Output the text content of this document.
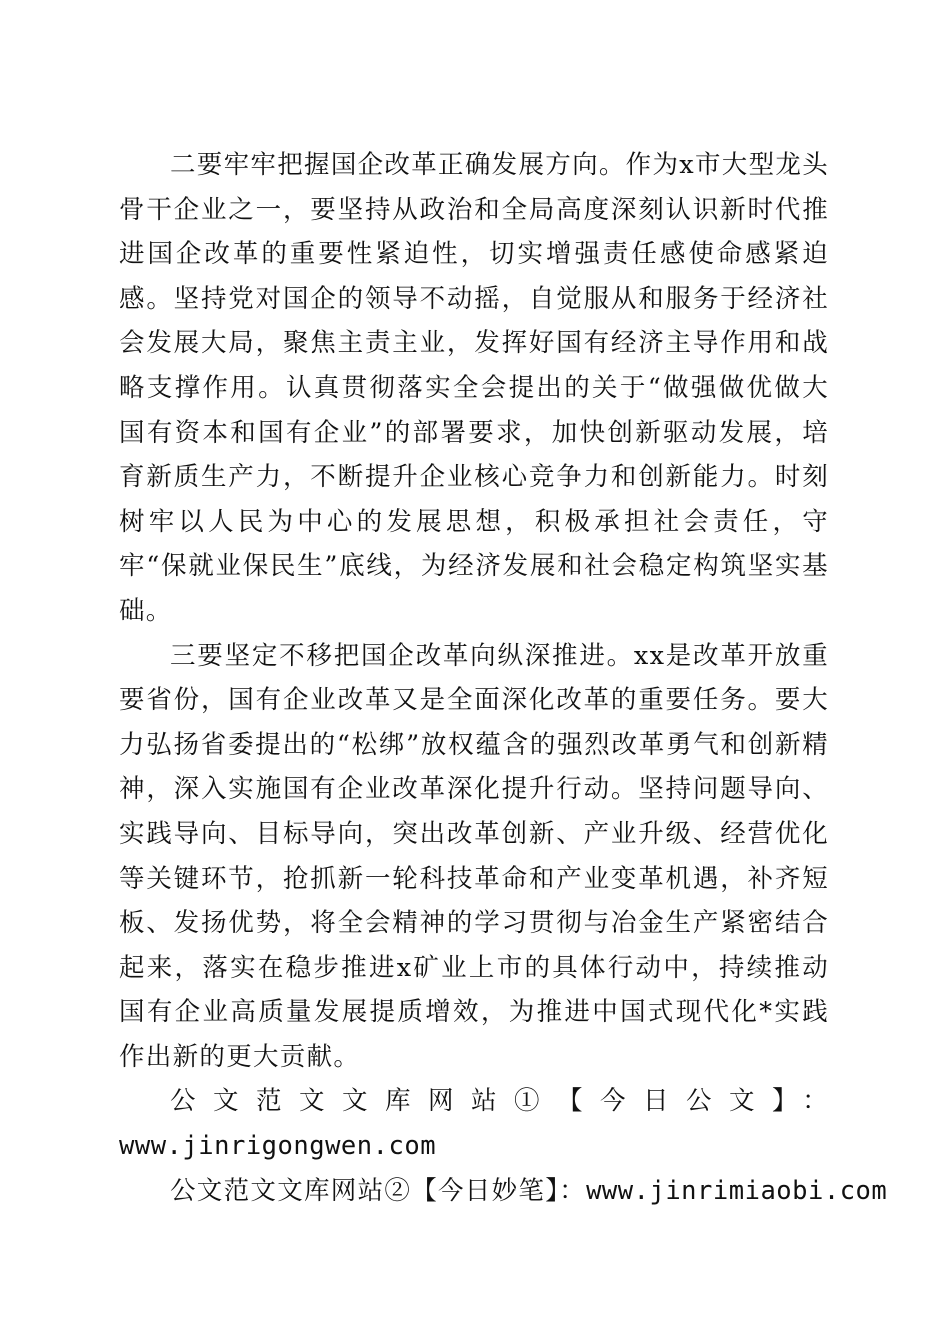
二要牢牢把握国企改革正确发展方向。作为x市大型龙头骨干企业之一，要坚持从政治和全局高度深刻认识新时代推进国企改革的重要性紧迫性，切实增强责任感使命感紧迫感。坚持党对国企的领导不动摇，自觉服从和服务于经济社会发展大局，聚焦主责主业，发挥好国有经济主导作用和战略支撑作用。认真贯彻落实全会提出的关于“做强做优做大国有资本和国有企业”的部署要求，加快创新驱动发展，培育新质生产力，不断提升企业核心竞争力和创新能力。时刻树牢以人民为中心的发展思想，积极承担社会责任，守牢“保就业保民生”底线，为经济发展和社会稳定构筑坚实基础。

三要坚定不移把国企改革向纵深推进。xx是改革开放重要省份，国有企业改革又是全面深化改革的重要任务。要大力弘扬省委提出的“松绑”放权蕴含的强烈改革勇气和创新精神，深入实施国有企业改革深化提升行动。坚持问题导向、实践导向、目标导向，突出改革创新、产业升级、经营优化等关键环节，抢抓新一轮科技革命和产业变革机遇，补齐短板、发扬优势，将全会精神的学习贯彻与冶金生产紧密结合起来，落实在稳步推进x矿业上市的具体行动中，持续推动国有企业高质量发展提质增效，为推进中国式现代化*实践作出新的更大贡献。

公文范文文库网站①【今日公文】：
www.jinrigongwen.com
公文范文文库网站②【今日妙笔】：www.jinrimiaobi.com
